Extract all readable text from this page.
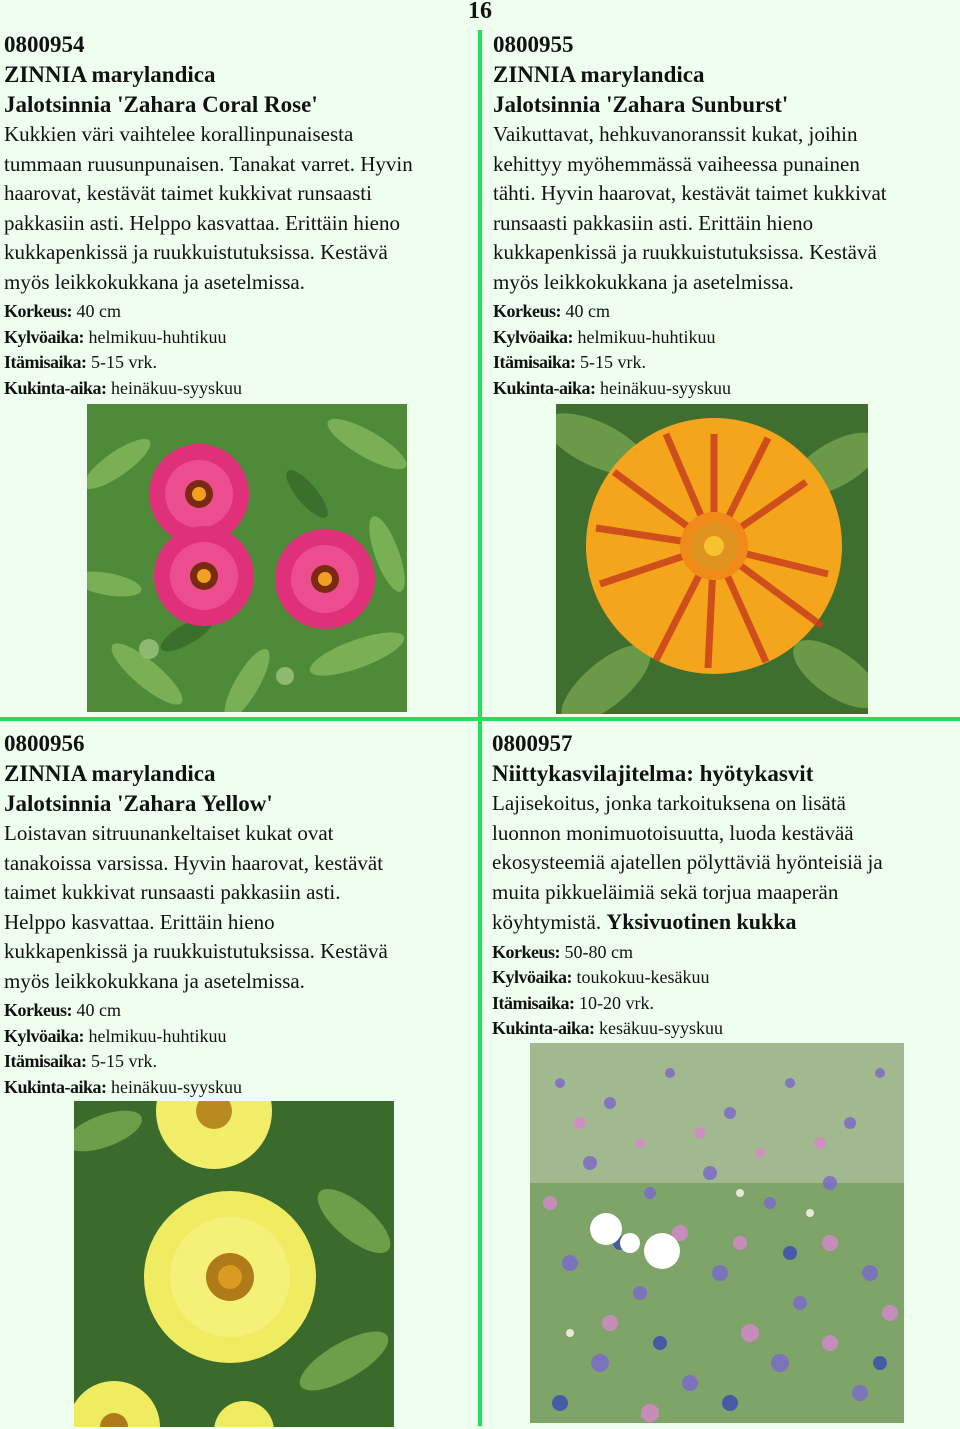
16
0800954
ZINNIA marylandica
Jalotsinnia 'Zahara Coral Rose'

Kukkien väri vaihtelee korallinpunaisesta
tummaan ruusunpunaisen. Tanakat varret. Hyvin
haarovat, kestävät taimet kukkivat runsaasti
pakkasiin asti. Helppo kasvattaa. Erittäin hieno
kukkapenkissä ja ruukkuistutuksissa. Kestävä
myös leikkokukkana ja asetelmissa.

Korkeus: 40 cm
Kylvöaika: helmikuu-huhtikuu
Itämisaika: 5-15 vrk.
Kukinta-aika: heinäkuu-syyskuu
0800955
ZINNIA marylandica
Jalotsinnia 'Zahara Sunburst'

Vaikuttavat, hehkuvanoranssit kukat, joihin
kehittyy myöhemmässä vaiheessa punainen
tähti. Hyvin haarovat, kestävät taimet kukkivat
runsaasti pakkasiin asti. Erittäin hieno
kukkapenkissä ja ruukkuistutuksissa. Kestävä
myös leikkokukkana ja asetelmissa.

Korkeus: 40 cm
Kylvöaika: helmikuu-huhtikuu
Itämisaika: 5-15 vrk.
Kukinta-aika: heinäkuu-syyskuu
0800956
ZINNIA marylandica
Jalotsinnia 'Zahara Yellow'

Loistavan sitruunankeltaiset kukat ovat
tanakoissa varsissa. Hyvin haarovat, kestävät
taimet kukkivat runsaasti pakkasiin asti.
Helppo kasvattaa. Erittäin hieno
kukkapenkissä ja ruukkuistutuksissa. Kestävä
myös leikkokukkana ja asetelmissa.

Korkeus: 40 cm
Kylvöaika: helmikuu-huhtikuu
Itämisaika: 5-15 vrk.
Kukinta-aika: heinäkuu-syyskuu
0800957
Niittykasvilajitelma: hyötykasvit

Lajisekoitus, jonka tarkoituksena on lisätä
luonnon monimuotoisuutta, luoda kestävää
ekosysteemiä ajatellen pölyttäviä hyönteisiä ja
muita pikkueläimiä sekä torjua maaperän
köyhtymistä. Yksivuotinen kukka

Korkeus: 50-80 cm
Kylvöaika: toukokuu-kesäkuu
Itämisaika: 10-20 vrk.
Kukinta-aika: kesäkuu-syyskuu
